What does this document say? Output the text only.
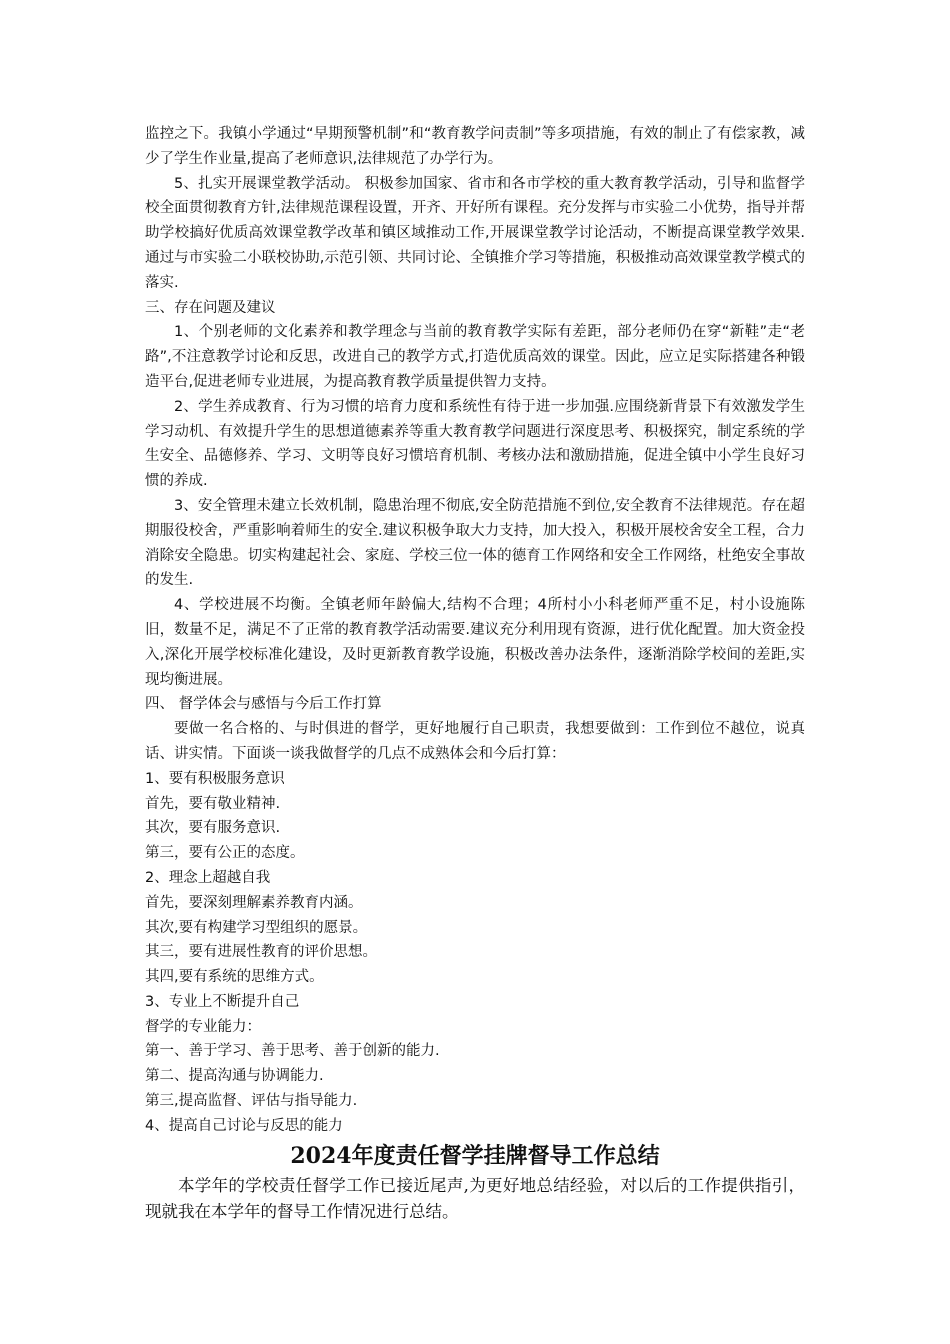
监控之下。我镇小学通过“早期预警机制”和“教育教学问责制”等多项措施，有效的制止了有偿家教，减少了学生作业量,提高了老师意识,法律规范了办学行为。

5、扎实开展课堂教学活动。 积极参加国家、省市和各市学校的重大教育教学活动，引导和监督学校全面贯彻教育方针,法律规范课程设置，开齐、开好所有课程。充分发挥与市实验二小优势，指导并帮助学校搞好优质高效课堂教学改革和镇区域推动工作,开展课堂教学讨论活动，不断提高课堂教学效果.通过与市实验二小联校协助,示范引领、共同讨论、全镇推介学习等措施，积极推动高效课堂教学模式的落实.

三、存在问题及建议

1、个别老师的文化素养和教学理念与当前的教育教学实际有差距，部分老师仍在穿“新鞋”走“老路”,不注意教学讨论和反思，改进自己的教学方式,打造优质高效的课堂。因此，应立足实际搭建各种锻造平台,促进老师专业进展，为提高教育教学质量提供智力支持。

2、学生养成教育、行为习惯的培育力度和系统性有待于进一步加强.应围绕新背景下有效激发学生学习动机、有效提升学生的思想道德素养等重大教育教学问题进行深度思考、积极探究，制定系统的学生安全、品德修养、学习、文明等良好习惯培育机制、考核办法和激励措施，促进全镇中小学生良好习惯的养成.

3、安全管理未建立长效机制，隐患治理不彻底,安全防范措施不到位,安全教育不法律规范。存在超期服役校舍，严重影响着师生的安全.建议积极争取大力支持，加大投入，积极开展校舍安全工程，合力消除安全隐患。切实构建起社会、家庭、学校三位一体的德育工作网络和安全工作网络，杜绝安全事故的发生.

4、学校进展不均衡。全镇老师年龄偏大,结构不合理；4所村小小科老师严重不足，村小设施陈旧，数量不足，满足不了正常的教育教学活动需要.建议充分利用现有资源，进行优化配置。加大资金投入,深化开展学校标准化建设，及时更新教育教学设施，积极改善办法条件，逐渐消除学校间的差距,实现均衡进展。

四、 督学体会与感悟与今后工作打算

要做一名合格的、与时俱进的督学，更好地履行自己职责，我想要做到：工作到位不越位，说真话、讲实情。下面谈一谈我做督学的几点不成熟体会和今后打算：

1、要有积极服务意识

首先，要有敬业精神.

其次，要有服务意识.

第三，要有公正的态度。

2、理念上超越自我

首先，要深刻理解素养教育内涵。

其次,要有构建学习型组织的愿景。

其三，要有进展性教育的评价思想。

其四,要有系统的思维方式。

3、专业上不断提升自己

督学的专业能力：

第一、善于学习、善于思考、善于创新的能力.

第二、提高沟通与协调能力.

第三,提高监督、评估与指导能力.

4、提高自己讨论与反思的能力

2024年度责任督学挂牌督导工作总结

本学年的学校责任督学工作已接近尾声,为更好地总结经验，对以后的工作提供指引，现就我在本学年的督导工作情况进行总结。
